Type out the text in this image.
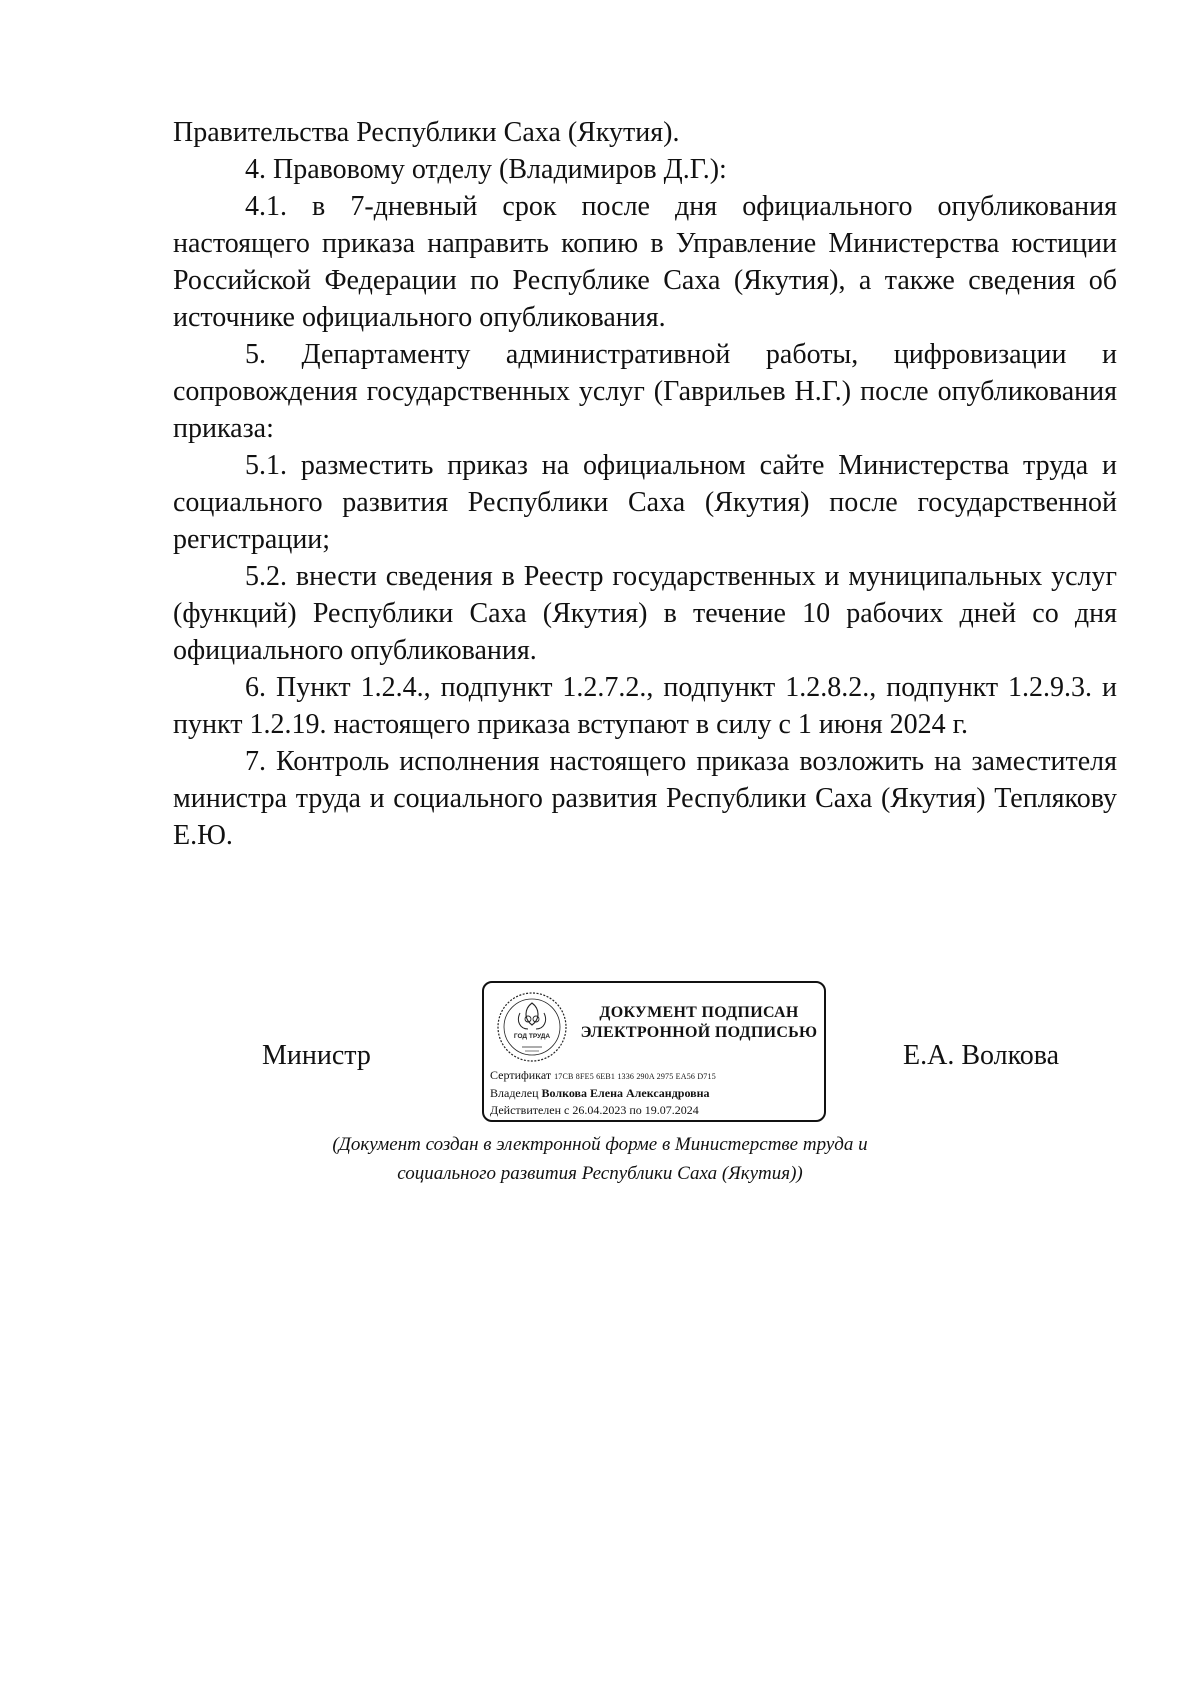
Правительства Республики Саха (Якутия).

4. Правовому отделу (Владимиров Д.Г.):

4.1. в 7-дневный срок после дня официального опубликования настоящего приказа направить копию в Управление Министерства юстиции Российской Федерации по Республике Саха (Якутия), а также сведения об источнике официального опубликования.

5. Департаменту административной работы, цифровизации и сопровождения государственных услуг (Гаврильев Н.Г.) после опубликования приказа:

5.1. разместить приказ на официальном сайте Министерства труда и социального развития Республики Саха (Якутия) после государственной регистрации;

5.2. внести сведения в Реестр государственных и муниципальных услуг (функций) Республики Саха (Якутия) в течение 10 рабочих дней со дня официального опубликования.

6. Пункт 1.2.4., подпункт 1.2.7.2., подпункт 1.2.8.2., подпункт 1.2.9.3. и пункт 1.2.19. настоящего приказа вступают в силу с 1 июня 2024 г.

7. Контроль исполнения настоящего приказа возложить на заместителя министра труда и социального развития Республики Саха (Якутия) Теплякову Е.Ю.

Министр
ГОД ТРУДА
ДОКУМЕНТ ПОДПИСАН
ЭЛЕКТРОННОЙ ПОДПИСЬЮ
Сертификат 17CB 8FE5 6EB1 1336 290A 2975 EA56 D715
Владелец Волкова Елена Александровна
Действителен с 26.04.2023 по 19.07.2024
Е.А. Волкова
(Документ создан в электронной форме в Министерстве труда и
социального развития Республики Саха (Якутия))
